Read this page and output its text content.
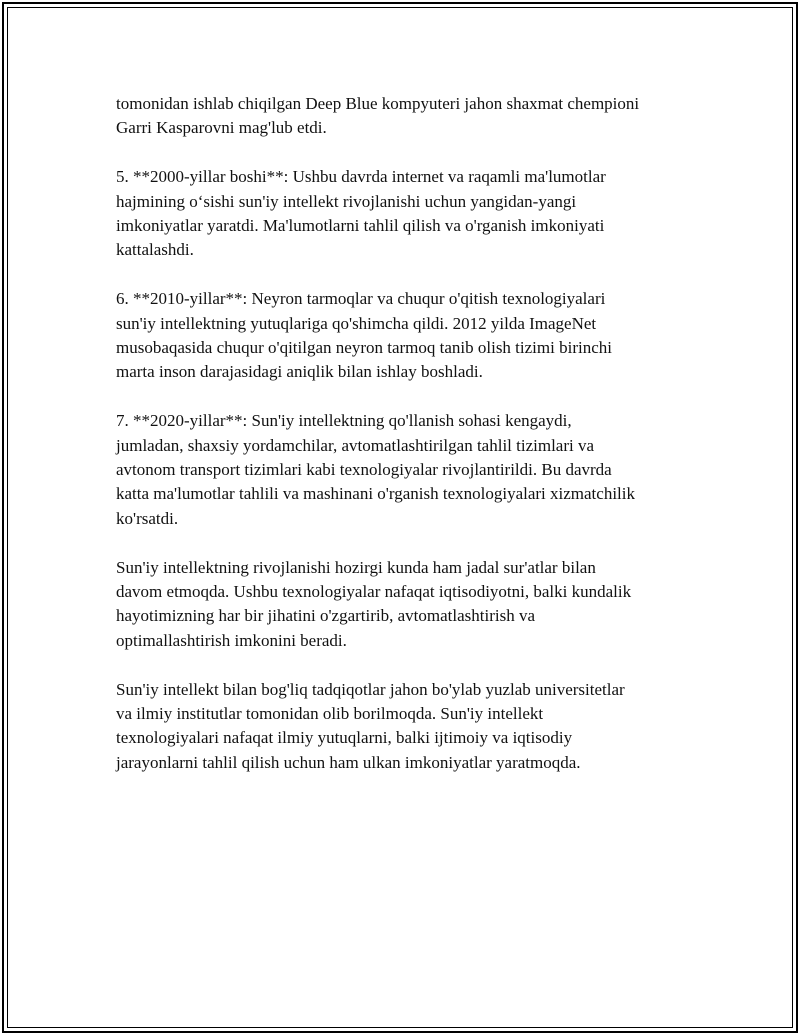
tomonidan ishlab chiqilgan Deep Blue kompyuteri jahon shaxmat chempioni
Garri Kasparovni mag'lub etdi.

5. **2000-yillar boshi**: Ushbu davrda internet va raqamli ma'lumotlar
hajmining o‘sishi sun'iy intellekt rivojlanishi uchun yangidan-yangi
imkoniyatlar yaratdi. Ma'lumotlarni tahlil qilish va o'rganish imkoniyati
kattalashdi.

6. **2010-yillar**: Neyron tarmoqlar va chuqur o'qitish texnologiyalari
sun'iy intellektning yutuqlariga qo'shimcha qildi. 2012 yilda ImageNet
musobaqasida chuqur o'qitilgan neyron tarmoq tanib olish tizimi birinchi
marta inson darajasidagi aniqlik bilan ishlay boshladi.

7. **2020-yillar**: Sun'iy intellektning qo'llanish sohasi kengaydi,
jumladan, shaxsiy yordamchilar, avtomatlashtirilgan tahlil tizimlari va
avtonom transport tizimlari kabi texnologiyalar rivojlantirildi. Bu davrda
katta ma'lumotlar tahlili va mashinani o'rganish texnologiyalari xizmatchilik
ko'rsatdi.

Sun'iy intellektning rivojlanishi hozirgi kunda ham jadal sur'atlar bilan
davom etmoqda. Ushbu texnologiyalar nafaqat iqtisodiyotni, balki kundalik
hayotimizning har bir jihatini o'zgartirib, avtomatlashtirish va
optimallashtirish imkonini beradi.

Sun'iy intellekt bilan bog'liq tadqiqotlar jahon bo'ylab yuzlab universitetlar
va ilmiy institutlar tomonidan olib borilmoqda. Sun'iy intellekt
texnologiyalari nafaqat ilmiy yutuqlarni, balki ijtimoiy va iqtisodiy
jarayonlarni tahlil qilish uchun ham ulkan imkoniyatlar yaratmoqda.
